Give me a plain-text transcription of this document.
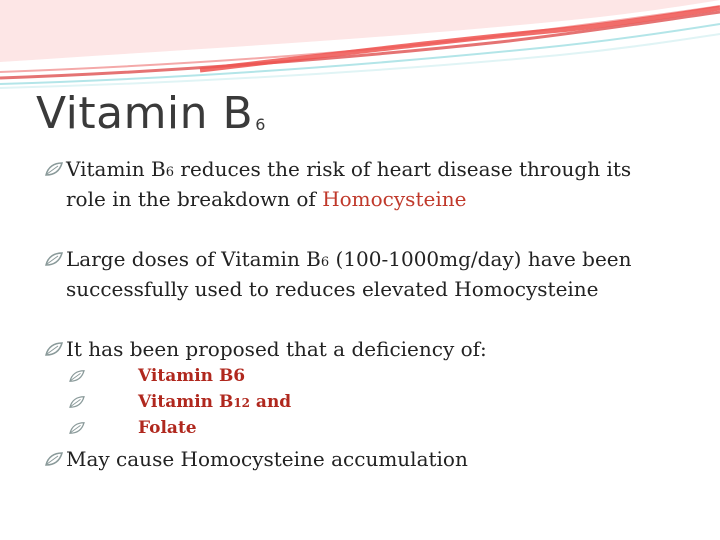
Vitamin B 6
Vitamin B6 reduces the risk of heart disease through its role in the breakdown of Homocysteine
Large doses of Vitamin B6 (100-1000mg/day) have been successfully used to reduces elevated Homocysteine
It has been proposed that a deficiency of:
Vitamin B6
Vitamin B12 and
Folate
May cause Homocysteine accumulation
